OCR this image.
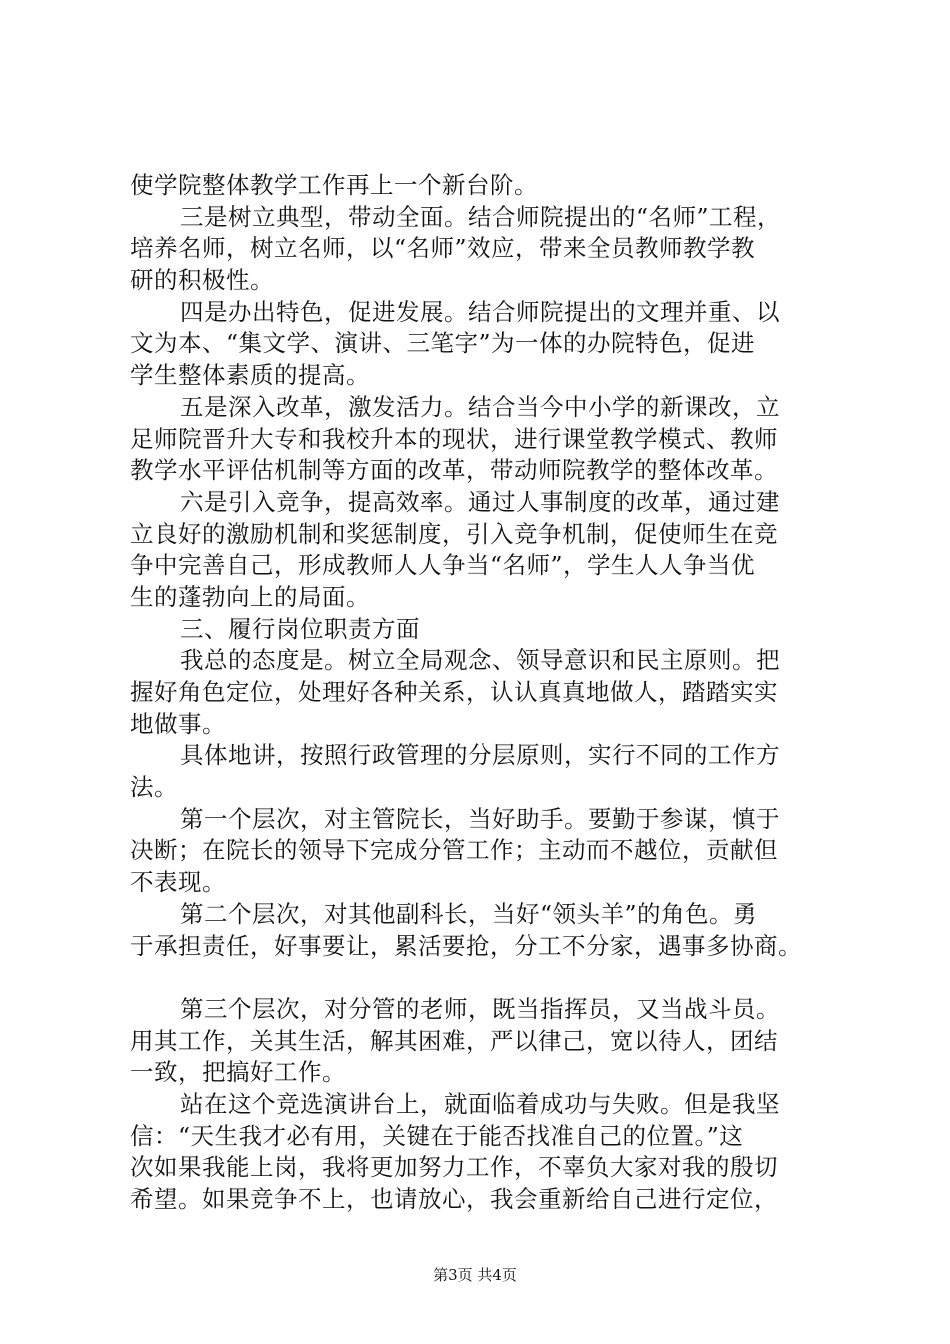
使学院整体教学工作再上一个新台阶。
三是树立典型，带动全面。结合师院提出的“名师”工程，
培养名师，树立名师，以“名师”效应，带来全员教师教学教
研的积极性。
四是办出特色，促进发展。结合师院提出的文理并重、以
文为本、“集文学、演讲、三笔字”为一体的办院特色，促进
学生整体素质的提高。
五是深入改革，激发活力。结合当今中小学的新课改，立
足师院晋升大专和我校升本的现状，进行课堂教学模式、教师
教学水平评估机制等方面的改革，带动师院教学的整体改革。
六是引入竞争，提高效率。通过人事制度的改革，通过建
立良好的激励机制和奖惩制度，引入竞争机制，促使师生在竞
争中完善自己，形成教师人人争当“名师”，学生人人争当优
生的蓬勃向上的局面。
三、履行岗位职责方面
我总的态度是。树立全局观念、领导意识和民主原则。把
握好角色定位，处理好各种关系，认认真真地做人，踏踏实实
地做事。
具体地讲，按照行政管理的分层原则，实行不同的工作方
法。
第一个层次，对主管院长，当好助手。要勤于参谋，慎于
决断；在院长的领导下完成分管工作；主动而不越位，贡献但
不表现。
第二个层次，对其他副科长，当好“领头羊”的角色。勇
于承担责任，好事要让，累活要抢，分工不分家，遇事多协商。
第三个层次，对分管的老师，既当指挥员，又当战斗员。
用其工作，关其生活，解其困难，严以律己，宽以待人，团结
一致，把搞好工作。
站在这个竞选演讲台上，就面临着成功与失败。但是我坚
信：“天生我才必有用，关键在于能否找准自己的位置。”这
次如果我能上岗，我将更加努力工作，不辜负大家对我的殷切
希望。如果竞争不上，也请放心，我会重新给自己进行定位，
第3页 共4页
